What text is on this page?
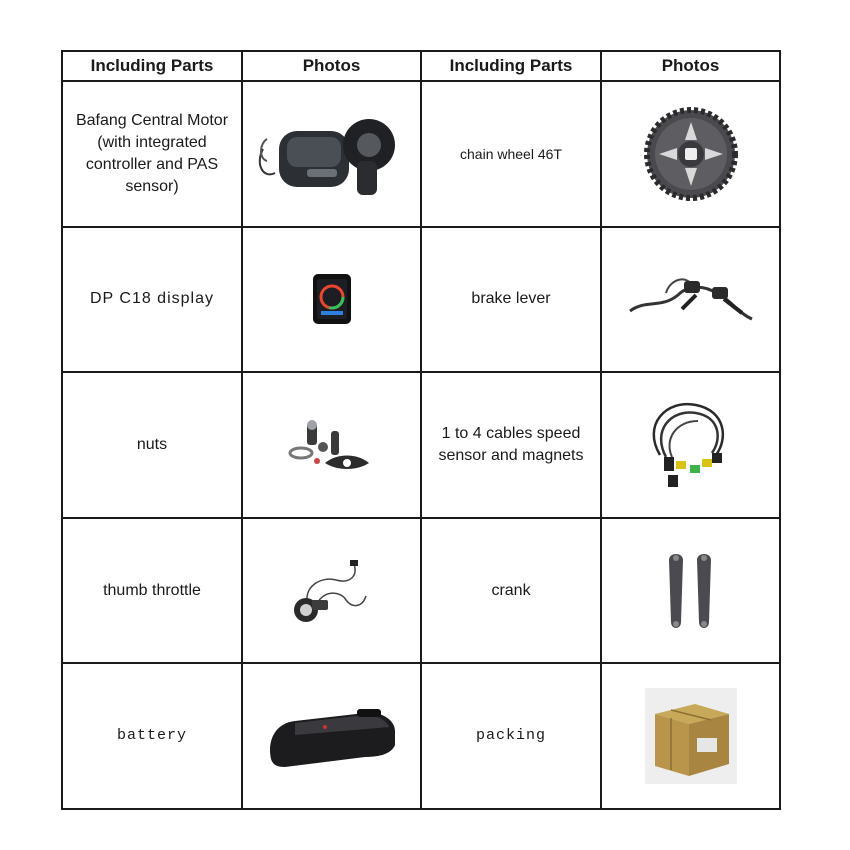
Including Parts	Photos	Including Parts	Photos

Bafang Central Motor (with integrated controller and PAS sensor)		chain wheel 46T

DP C18 display		brake lever

nuts		1 to 4 cables speed sensor and magnets

thumb throttle		crank

battery		packing
